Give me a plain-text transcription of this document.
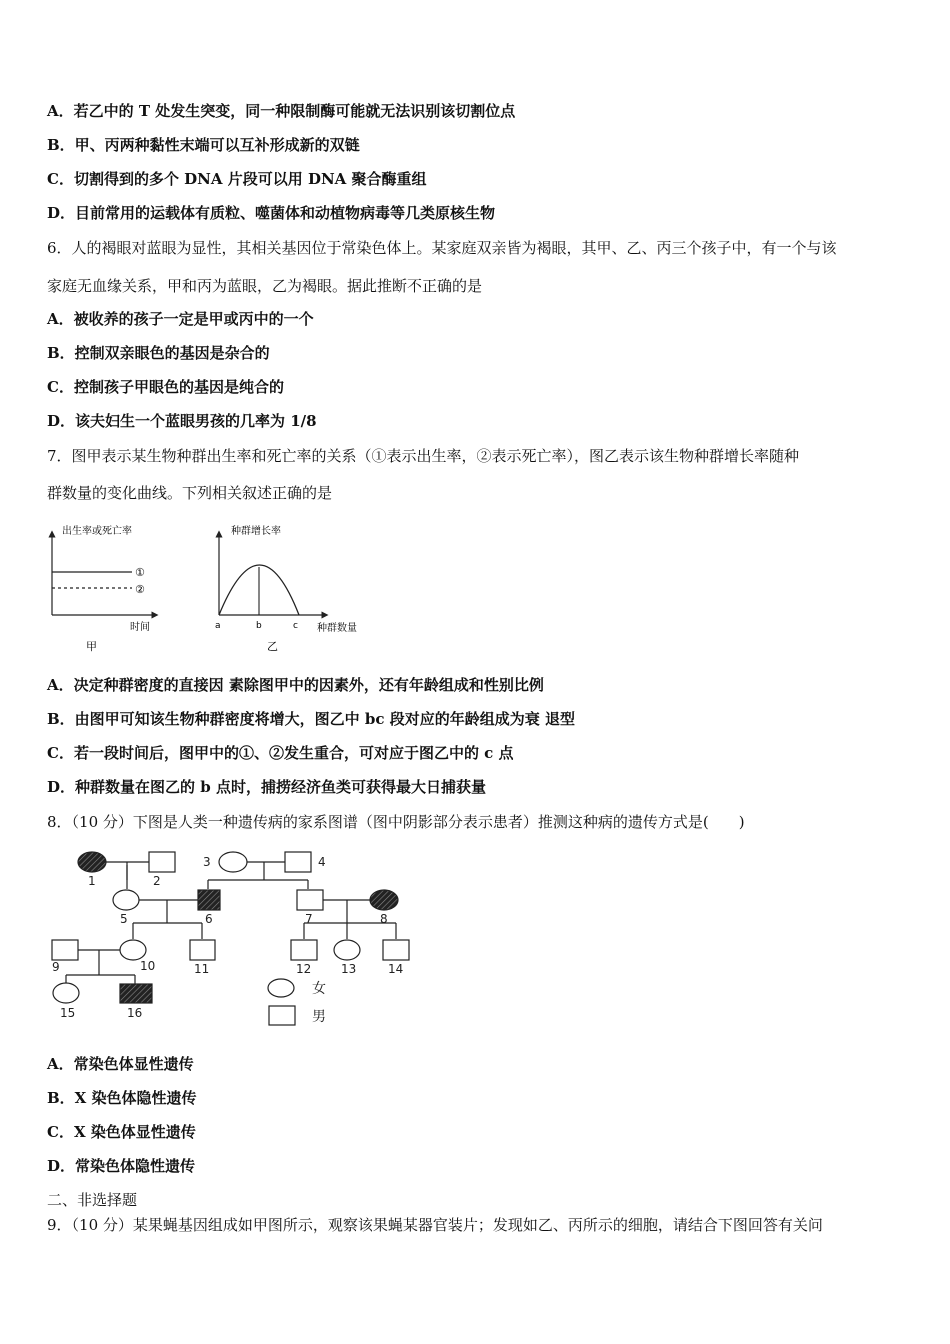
A．若乙中的 T 处发生突变，同一种限制酶可能就无法识别该切割位点
B．甲、丙两种黏性末端可以互补形成新的双链
C．切割得到的多个 DNA 片段可以用 DNA 聚合酶重组
D．目前常用的运载体有质粒、噬菌体和动植物病毒等几类原核生物
6．人的褐眼对蓝眼为显性，其相关基因位于常染色体上。某家庭双亲皆为褐眼，其甲、乙、丙三个孩子中，有一个与该
家庭无血缘关系，甲和丙为蓝眼，乙为褐眼。据此推断不正确的是
A．被收养的孩子一定是甲或丙中的一个
B．控制双亲眼色的基因是杂合的
C．控制孩子甲眼色的基因是纯合的
D．该夫妇生一个蓝眼男孩的几率为 1/8
7．图甲表示某生物种群出生率和死亡率的关系（①表示出生率，②表示死亡率），图乙表示该生物种群增长率随种
群数量的变化曲线。下列相关叙述正确的是
出生率或死亡率
①
②
时间
甲
种群增长率
a	b	c 种群数量
乙
A．决定种群密度的直接因 素除图甲中的因素外，还有年龄组成和性别比例
B．由图甲可知该生物种群密度将增大，图乙中 bc 段对应的年龄组成为衰 退型
C．若一段时间后，图甲中的①、②发生重合，可对应于图乙中的 c 点
D．种群数量在图乙的 b 点时，捕捞经济鱼类可获得最大日捕获量
8．（10 分）下图是人类一种遗传病的家系图谱（图中阴影部分表示患者）推测这种病的遗传方式是(　　)
1	2
3	4
5	6	7	8
9	10	11	12 13	14
15	16
女
男
A．常染色体显性遗传
B．X 染色体隐性遗传
C．X 染色体显性遗传
D．常染色体隐性遗传
二、非选择题
9．（10 分）某果蝇基因组成如甲图所示，观察该果蝇某器官装片；发现如乙、丙所示的细胞，请结合下图回答有关问
